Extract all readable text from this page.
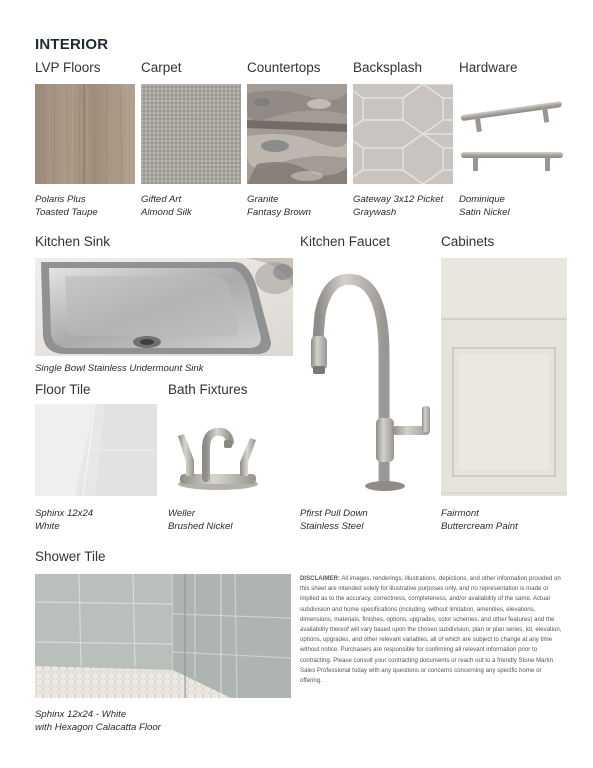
INTERIOR
LVP Floors	Carpet	Countertops Backsplash	Hardware
Polaris Plus
Toasted Taupe
Gifted Art
Almond Silk
Granite
Fantasy Brown
Gateway 3x12 Picket
Graywash
Dominique
Satin Nickel
Kitchen Sink	Kitchen Faucet	Cabinets
Single Bowl Stainless Undermount Sink
Pfirst Pull Down
Stainless Steel
Fairmont
Buttercream Paint
Floor Tile	Bath Fixtures
Sphinx 12x24
White
Weller
Brushed Nickel
Shower Tile
Sphinx 12x24 - White
with Hexagon Calacatta Floor
DISCLAIMER: All images, renderings, illustrations, depictions, and other information provided on this sheet are intended solely for illustrative purposes only, and no representation is made or implied as to the accuracy, correctness, completeness, and/or availability of the same. Actual subdivision and home specifications (including, without limitation, amenities, elevations, dimensions, materials, finishes, options, upgrades, color schemes, and other features) and the availability thereof will vary based upon the chosen subdivision, plan or plan series, lot, elevation, options, upgrades, and other relevant variables, all of which are subject to change at any time without notice. Purchasers are responsible for confirming all relevant information prior to contracting. Please consult your contracting documents or reach out to a friendly Stone Martin Sales Professional today with any questions or concerns concerning any specific home or offering.
